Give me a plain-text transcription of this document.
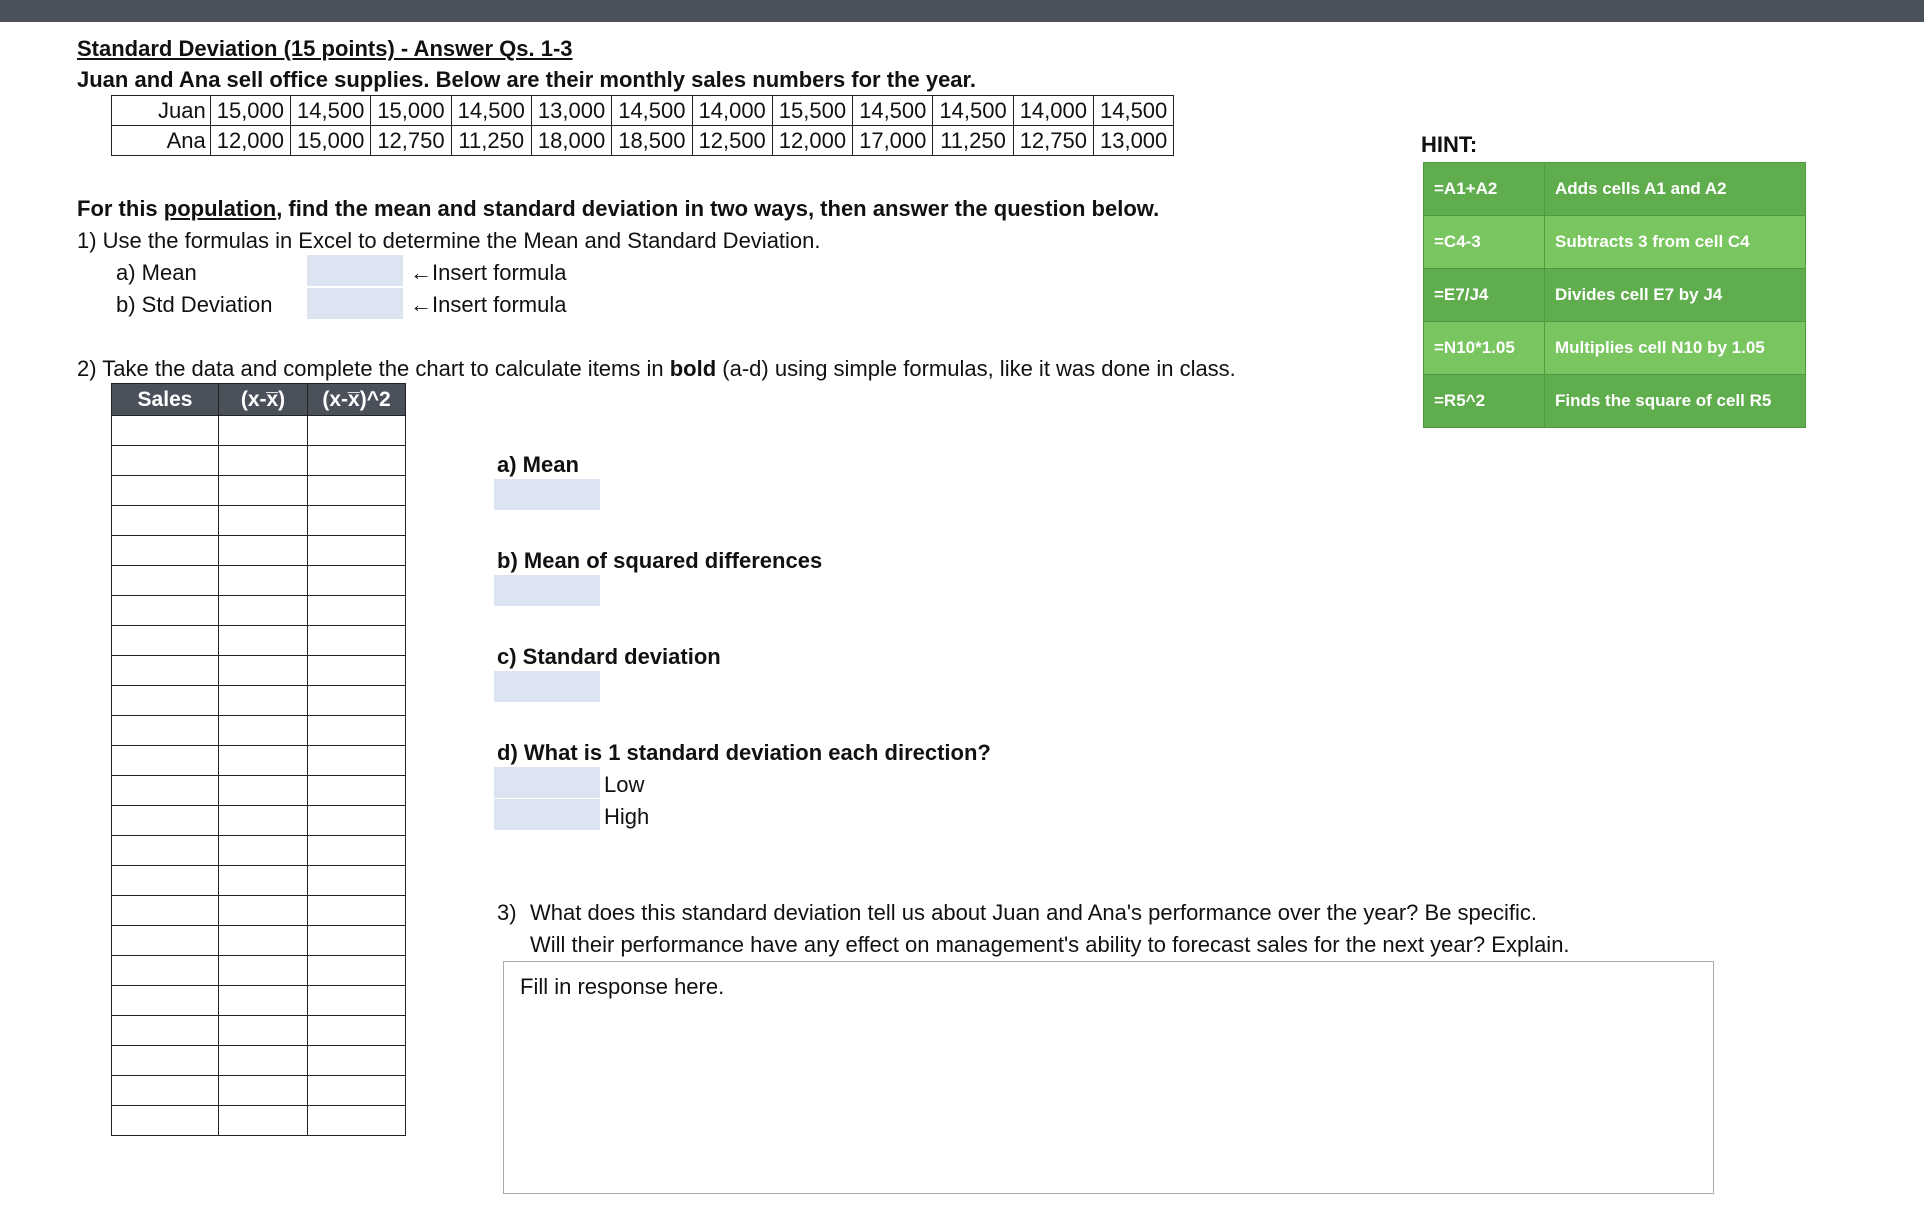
Standard Deviation (15 points) - Answer Qs. 1-3
Juan and Ana sell office supplies. Below are their monthly sales numbers for the year.
Juan	15,000	14,500	15,000	14,500	13,000	14,500	14,000	15,500	14,500	14,500	14,000	14,500
Ana	12,000	15,000	12,750	11,250	18,000	18,500	12,500	12,000	17,000	11,250	12,750	13,000
For this population, find the mean and standard deviation in two ways, then answer the question below.
1) Use the formulas in Excel to determine the Mean and Standard Deviation.
a) Mean	←Insert formula
b) Std Deviation	←Insert formula
2) Take the data and complete the chart to calculate items in bold (a-d) using simple formulas, like it was done in class.
Sales	(x-x̅)	(x-x̅)^2

a) Mean
b) Mean of squared differences
c) Standard deviation
d) What is 1 standard deviation each direction?
Low
High
3) What does this standard deviation tell us about Juan and Ana's performance over the year? Be specific.
Will their performance have any effect on management's ability to forecast sales for the next year? Explain.
Fill in response here.
HINT:
=A1+A2	Adds cells A1 and A2
=C4-3	Subtracts 3 from cell C4
=E7/J4	Divides cell E7 by J4
=N10*1.05	Multiplies cell N10 by 1.05
=R5^2	Finds the square of cell R5
